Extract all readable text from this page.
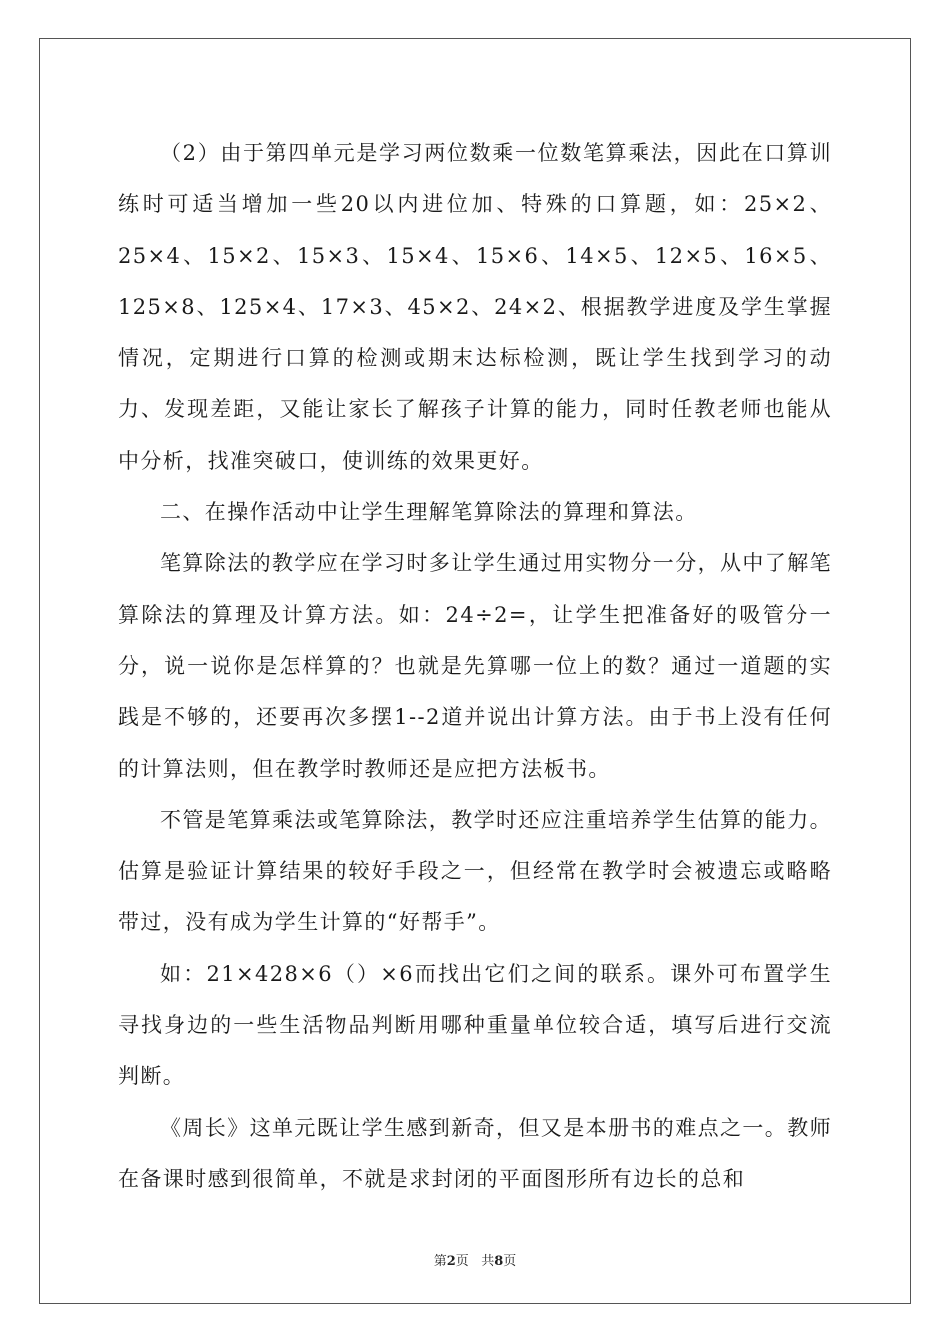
（2）由于第四单元是学习两位数乘一位数笔算乘法，因此在口算训练时可适当增加一些20以内进位加、特殊的口算题，如：25×2、25×4、15×2、15×3、15×4、15×6、14×5、12×5、16×5、125×8、125×4、17×3、45×2、24×2、根据教学进度及学生掌握情况，定期进行口算的检测或期末达标检测，既让学生找到学习的动力、发现差距，又能让家长了解孩子计算的能力，同时任教老师也能从中分析，找准突破口，使训练的效果更好。

二、在操作活动中让学生理解笔算除法的算理和算法。

笔算除法的教学应在学习时多让学生通过用实物分一分，从中了解笔算除法的算理及计算方法。如：24÷2=，让学生把准备好的吸管分一分，说一说你是怎样算的？也就是先算哪一位上的数？通过一道题的实践是不够的，还要再次多摆1--2道并说出计算方法。由于书上没有任何的计算法则，但在教学时教师还是应把方法板书。

不管是笔算乘法或笔算除法，教学时还应注重培养学生估算的能力。估算是验证计算结果的较好手段之一，但经常在教学时会被遗忘或略略带过，没有成为学生计算的“好帮手”。

如：21×428×6（）×6而找出它们之间的联系。课外可布置学生寻找身边的一些生活物品判断用哪种重量单位较合适，填写后进行交流判断。

《周长》这单元既让学生感到新奇，但又是本册书的难点之一。教师在备课时感到很简单，不就是求封闭的平面图形所有边长的总和

第2页 共8页
